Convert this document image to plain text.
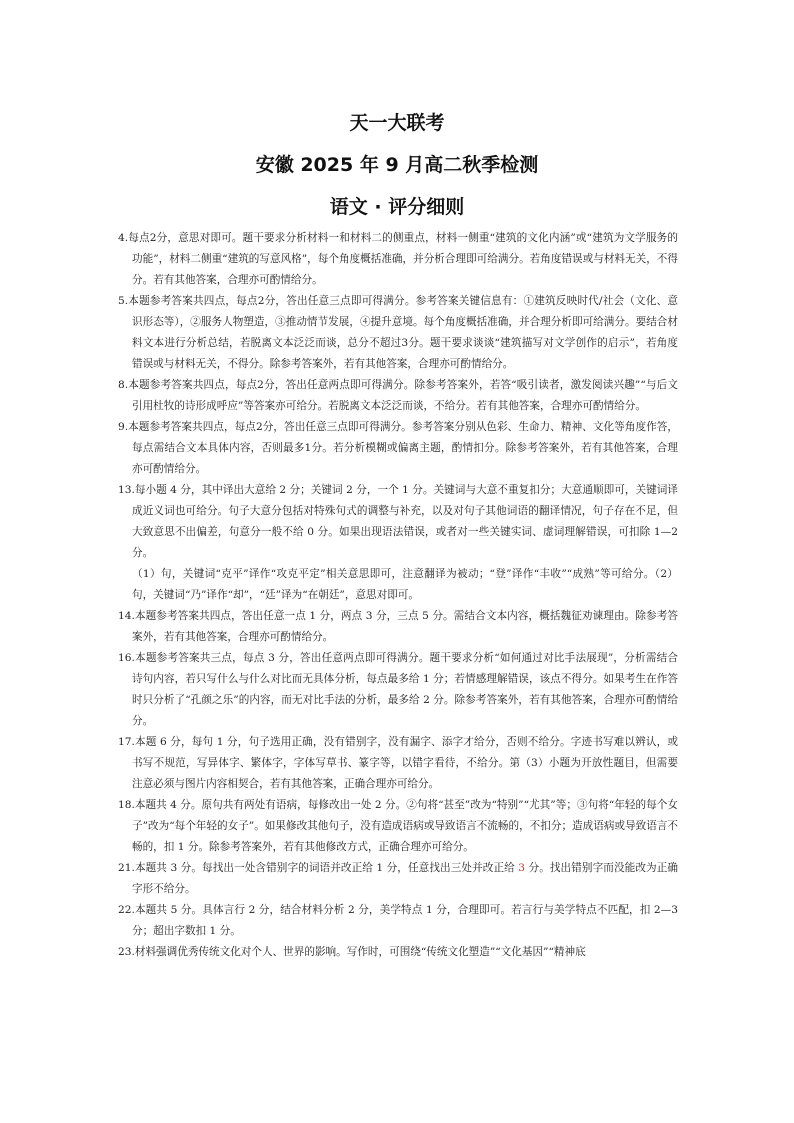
天一大联考
安徽 2025 年 9 月高二秋季检测
语文 · 评分细则

4.每点2分，意思对即可。题干要求分析材料一和材料二的侧重点，材料一侧重“建筑的文化内涵”或“建筑为文学服务的功能”，材料二侧重“建筑的写意风格”，每个角度概括准确，并分析合理即可给满分。若角度错误或与材料无关，不得分。若有其他答案，合理亦可酌情给分。

5.本题参考答案共四点，每点2分，答出任意三点即可得满分。参考答案关键信息有：①建筑反映时代/社会（文化、意识形态等），②服务人物塑造，③推动情节发展，④提升意境。每个角度概括准确，并合理分析即可给满分。要结合材料文本进行分析总结，若脱离文本泛泛而谈，总分不超过3分。题干要求谈谈“建筑描写对文学创作的启示”，若角度错误或与材料无关，不得分。除参考答案外，若有其他答案，合理亦可酌情给分。

8.本题参考答案共四点，每点2分，答出任意两点即可得满分。除参考答案外，若答“吸引读者，激发阅读兴趣”“与后文引用杜牧的诗形成呼应”等答案亦可给分。若脱离文本泛泛而谈，不给分。若有其他答案，合理亦可酌情给分。

9.本题参考答案共四点，每点2分，答出任意三点即可得满分。参考答案分别从色彩、生命力、精神、文化等角度作答，每点需结合文本具体内容，否则最多1分。若分析模糊或偏离主题，酌情扣分。除参考答案外，若有其他答案，合理亦可酌情给分。

13.每小题 4 分，其中译出大意给 2 分；关键词 2 分，一个 1 分。关键词与大意不重复扣分；大意通顺即可，关键词译成近义词也可给分。句子大意分包括对特殊句式的调整与补充，以及对句子其他词语的翻译情况，句子存在不足，但大致意思不出偏差，句意分一般不给 0 分。如果出现语法错误，或者对一些关键实词、虚词理解错误，可扣除 1—2 分。

（1）句，关键词“克平”译作“攻克平定”相关意思即可，注意翻译为被动；“登”译作“丰收”“成熟”等可给分。（2）句，关键词“乃”译作“却”，“廷”译为“在朝廷”，意思对即可。

14.本题参考答案共四点，答出任意一点 1 分，两点 3 分，三点 5 分。需结合文本内容，概括魏征劝谏理由。除参考答案外，若有其他答案，合理亦可酌情给分。

16.本题参考答案共三点，每点 3 分，答出任意两点即可得满分。题干要求分析“如何通过对比手法展现”，分析需结合诗句内容，若只写什么与什么对比而无具体分析，每点最多给 1 分；若情感理解错误，该点不得分。如果考生在作答时只分析了“孔颜之乐”的内容，而无对比手法的分析，最多给 2 分。除参考答案外，若有其他答案，合理亦可酌情给分。

17.本题 6 分，每句 1 分，句子选用正确，没有错别字，没有漏字、添字才给分，否则不给分。字迹书写难以辨认，或书写不规范，写异体字、繁体字，字体写草书、篆字等，以错字看待，不给分。第（3）小题为开放性题目，但需要注意必须与图片内容相契合，若有其他答案，正确合理亦可给分。

18.本题共 4 分。原句共有两处有语病，每修改出一处 2 分。②句将“甚至”改为“特别”“尤其”等；③句将“年轻的每个女子”改为“每个年轻的女子”。如果修改其他句子，没有造成语病或导致语言不流畅的，不扣分；造成语病或导致语言不畅的，扣 1 分。除参考答案外，若有其他修改方式，正确合理亦可给分。

21.本题共 3 分。每找出一处含错别字的词语并改正给 1 分，任意找出三处并改正给 3 分。找出错别字而没能改为正确字形不给分。

22.本题共 5 分。具体言行 2 分，结合材料分析 2 分，美学特点 1 分，合理即可。若言行与美学特点不匹配，扣 2—3 分；超出字数扣 1 分。

23.材料强调优秀传统文化对个人、世界的影响。写作时，可围绕“传统文化塑造”“文化基因”“精神底
